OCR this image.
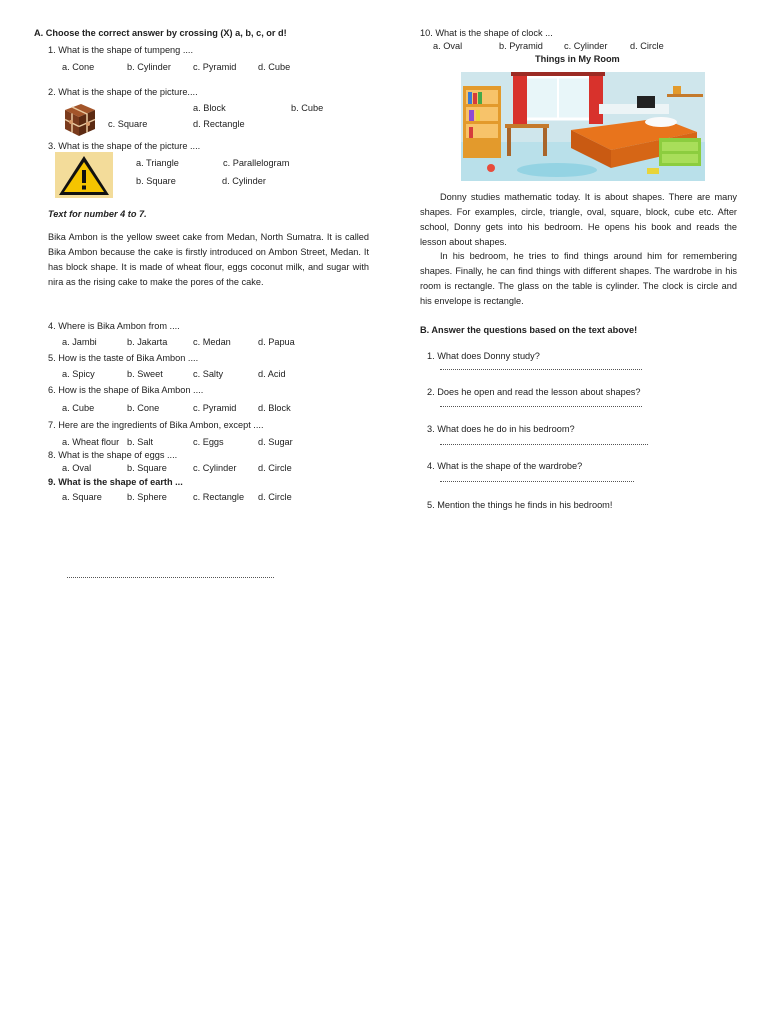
A. Choose the correct answer by crossing (X) a, b, c, or d!
1. What is the shape of tumpeng ....
a. Cone	b. Cylinder c. Pyramid d. Cube
2. What is the shape of the picture....
a. Block	b. Cube
c. Square	d. Rectangle
3. What is the shape of the picture ....
a. Triangle	c. Parallelogram
b. Square	d. Cylinder
Text for number 4 to 7.
Bika Ambon is the yellow sweet cake from Medan, North Sumatra. It is called Bika Ambon because the cake is firstly introduced on Ambon Street, Medan. It has block shape. It is made of wheat flour, eggs coconut milk, and sugar with nira as the rising cake to make the pores of the cake.
4. Where is Bika Ambon from ....
a. Jambi	b. Jakarta	c. Medan	d. Papua
5. How is the taste of Bika Ambon ....
a. Spicy	b. Sweet	c. Salty	d. Acid
6. How is the shape of Bika Ambon ....
a. Cube	b. Cone	c. Pyramid d. Block
7. Here are the ingredients of Bika Ambon, except ....
a. Wheat flour b. Salt	c. Eggs	d. Sugar
8. What is the shape of eggs ....
a. Oval	b. Square	c. Cylinder d. Circle
9. What is the shape of earth ...
a. Square	b. Sphere	c. Rectangle d. Circle
10. What is the shape of clock ...
a. Oval	b. Pyramid c. Cylinder d. Circle
Things in My Room
Donny studies mathematic today. It is about shapes. There are many shapes. For examples, circle, triangle, oval, square, block, cube etc. After school, Donny gets into his bedroom. He opens his book and reads the lesson about shapes.
In his bedroom, he tries to find things around him for remembering shapes. Finally, he can find things with different shapes. The wardrobe in his room is rectangle. The glass on the table is cylinder. The clock is circle and his envelope is rectangle.
B. Answer the questions based on the text above!
1. What does Donny study?
2. Does he open and read the lesson about shapes?
3. What does he do in his bedroom?
4. What is the shape of the wardrobe?
5. Mention the things he finds in his bedroom!
